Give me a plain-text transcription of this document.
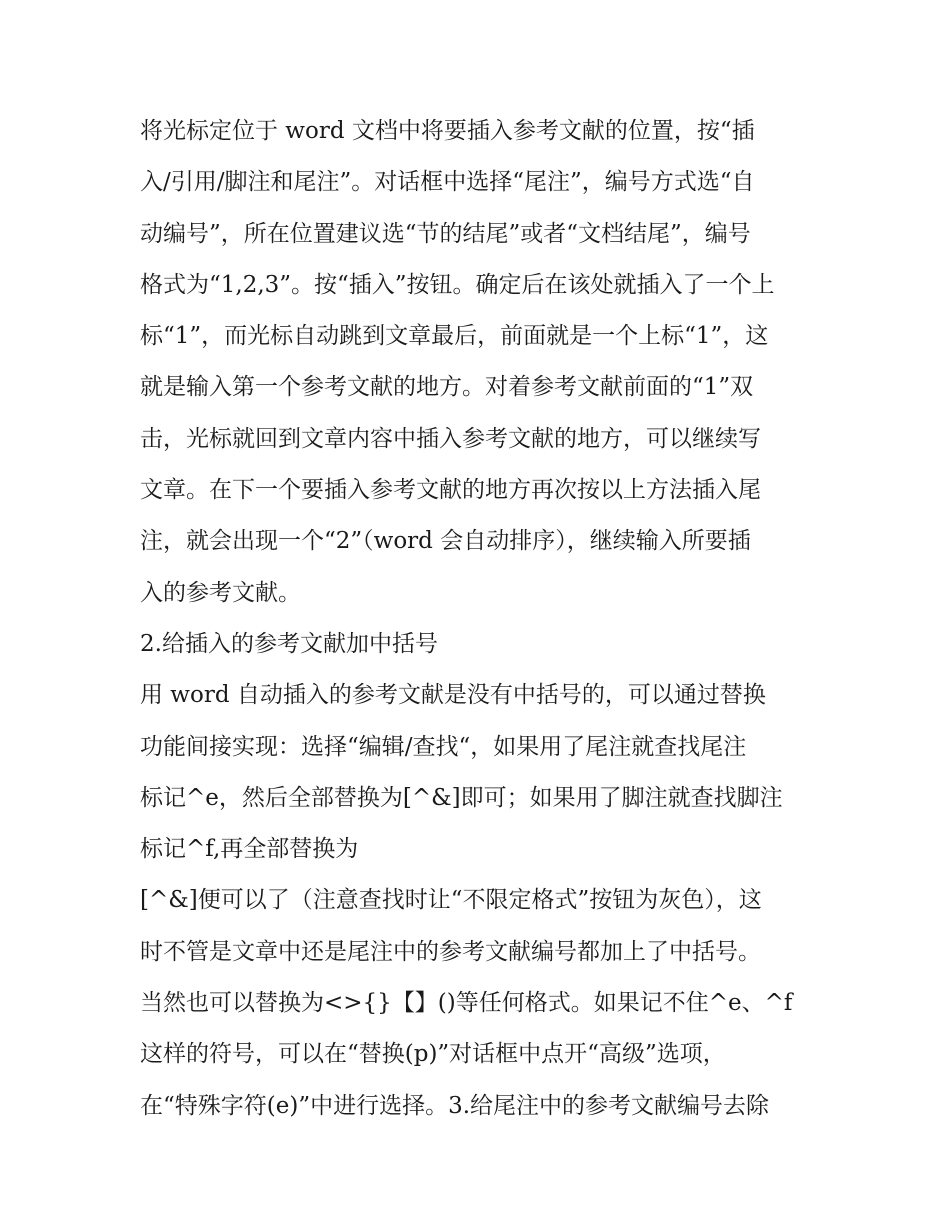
将光标定位于 word 文档中将要插入参考文献的位置，按“插
入/引用/脚注和尾注”。对话框中选择“尾注”，编号方式选“自
动编号”，所在位置建议选“节的结尾”或者“文档结尾”，编号
格式为“1,2,3”。按“插入”按钮。确定后在该处就插入了一个上
标“1”，而光标自动跳到文章最后，前面就是一个上标“1”，这
就是输入第一个参考文献的地方。对着参考文献前面的“1”双
击，光标就回到文章内容中插入参考文献的地方，可以继续写
文章。在下一个要插入参考文献的地方再次按以上方法插入尾
注，就会出现一个“2”（word 会自动排序），继续输入所要插
入的参考文献。
2.给插入的参考文献加中括号
用 word 自动插入的参考文献是没有中括号的，可以通过替换
功能间接实现：选择“编辑/查找“，如果用了尾注就查找尾注
标记^e，然后全部替换为[^&]即可；如果用了脚注就查找脚注
标记^f,再全部替换为
[^&]便可以了（注意查找时让“不限定格式”按钮为灰色），这
时不管是文章中还是尾注中的参考文献编号都加上了中括号。
当然也可以替换为<>{}【】()等任何格式。如果记不住^e、^f
这样的符号，可以在“替换(p)”对话框中点开“高级”选项，
在“特殊字符(e)”中进行选择。3.给尾注中的参考文献编号去除
